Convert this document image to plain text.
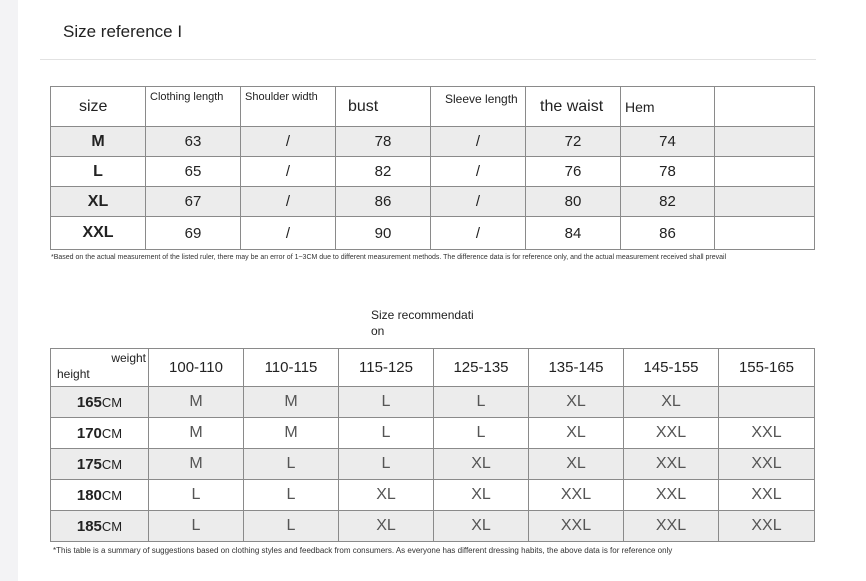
Size reference I
size	Clothing length	Shoulder width	bust	Sleeve length	the waist	Hem	
M	63	/	78	/	72	74	
L	65	/	82	/	76	78	
XL	67	/	86	/	80	82	
XXL	69	/	90	/	84	86	
*Based on the actual measurement of the listed ruler, there may be an error of 1~3CM due to different measurement methods. The difference data is for reference only, and the actual measurement received shall prevail
Size recommendati
on
height
weight	100-110	110-115	115-125	125-135	135-145	145-155	155-165
165CM	M	M	L	L	XL	XL	
170CM	M	M	L	L	XL	XXL	XXL
175CM	M	L	L	XL	XL	XXL	XXL
180CM	L	L	XL	XL	XXL	XXL	XXL
185CM	L	L	XL	XL	XXL	XXL	XXL
*This table is a summary of suggestions based on clothing styles and feedback from consumers. As everyone has different dressing habits, the above data is for reference only
